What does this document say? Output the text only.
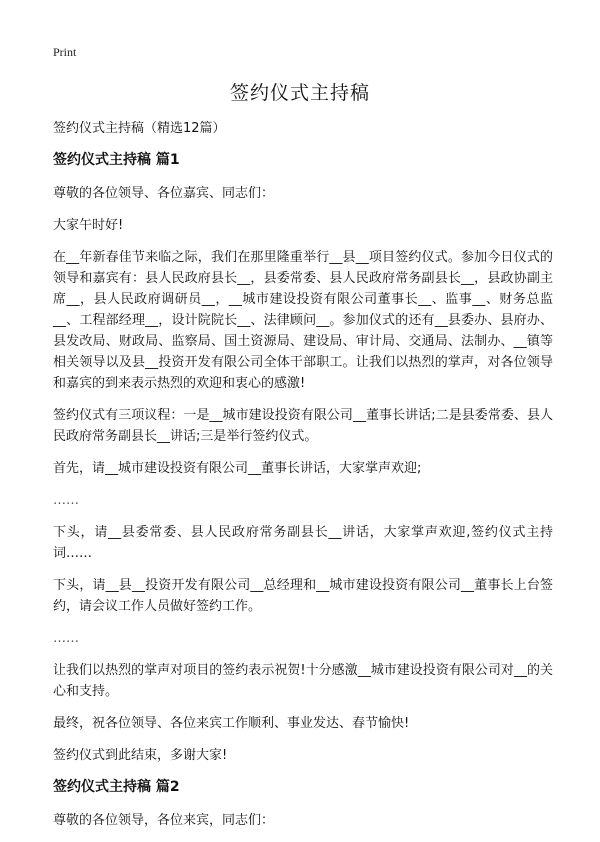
Print
签约仪式主持稿

签约仪式主持稿（精选12篇）

签约仪式主持稿 篇1

尊敬的各位领导、各位嘉宾、同志们：

大家午时好!

在__年新春佳节来临之际，我们在那里隆重举行__县__项目签约仪式。参加今日仪式的领导和嘉宾有：县人民政府县长__，县委常委、县人民政府常务副县长__，县政协副主席__，县人民政府调研员__，__城市建设投资有限公司董事长__、监事__、财务总监__、工程部经理__，设计院院长__、法律顾问__。参加仪式的还有__县委办、县府办、县发改局、财政局、监察局、国土资源局、建设局、审计局、交通局、法制办、__镇等相关领导以及县__投资开发有限公司全体干部职工。让我们以热烈的掌声，对各位领导和嘉宾的到来表示热烈的欢迎和衷心的感激!

签约仪式有三项议程：一是__城市建设投资有限公司__董事长讲话;二是县委常委、县人民政府常务副县长__讲话;三是举行签约仪式。

首先，请__城市建设投资有限公司__董事长讲话，大家掌声欢迎;

……

下头，请__县委常委、县人民政府常务副县长__讲话，大家掌声欢迎,签约仪式主持词……

下头，请__县__投资开发有限公司__总经理和__城市建设投资有限公司__董事长上台签约，请会议工作人员做好签约工作。

……

让我们以热烈的掌声对项目的签约表示祝贺!十分感激__城市建设投资有限公司对__的关心和支持。

最终，祝各位领导、各位来宾工作顺利、事业发达、春节愉快!

签约仪式到此结束，多谢大家!

签约仪式主持稿 篇2

尊敬的各位领导，各位来宾，同志们：
